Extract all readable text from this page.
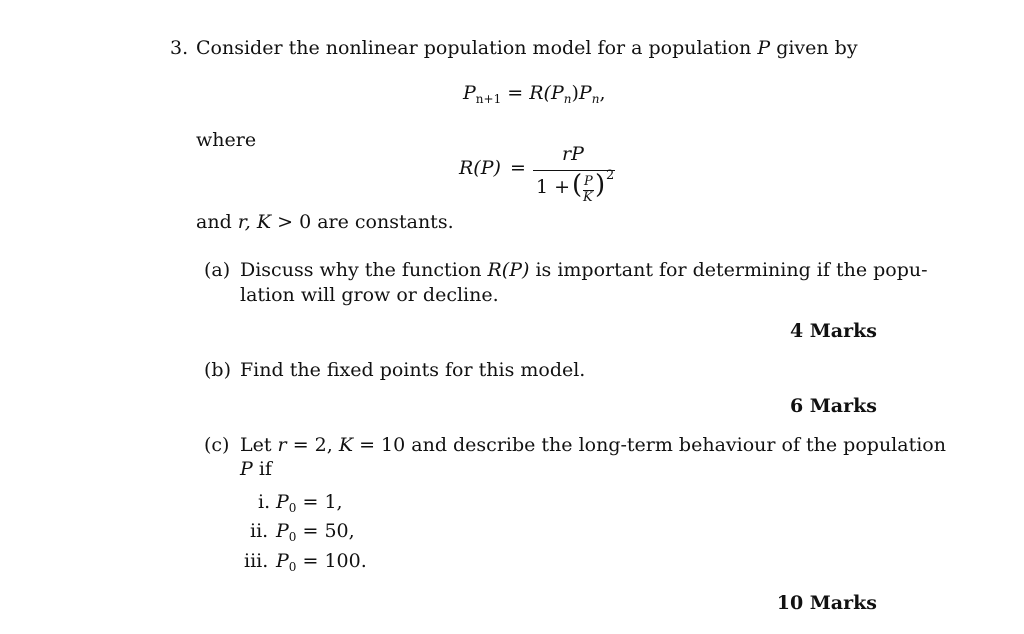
3. Consider the nonlinear population model for a population P given by
$P_{n+1} = R(P_n)P_n$,
where
R(P) =
rP
1 + ( P
K ) 2
and r, K > 0 are constants.
(a) Discuss why the function R(P) is important for determining if the popu-
lation will grow or decline.
4 Marks
(b) Find the fixed points for this model.
6 Marks
(c) Let r = 2, K = 10 and describe the long-term behaviour of the population
P if
i. $P_0 = 1$,
ii. $P_0 = 50$,
iii. $P_0 = 100$.
10 Marks
